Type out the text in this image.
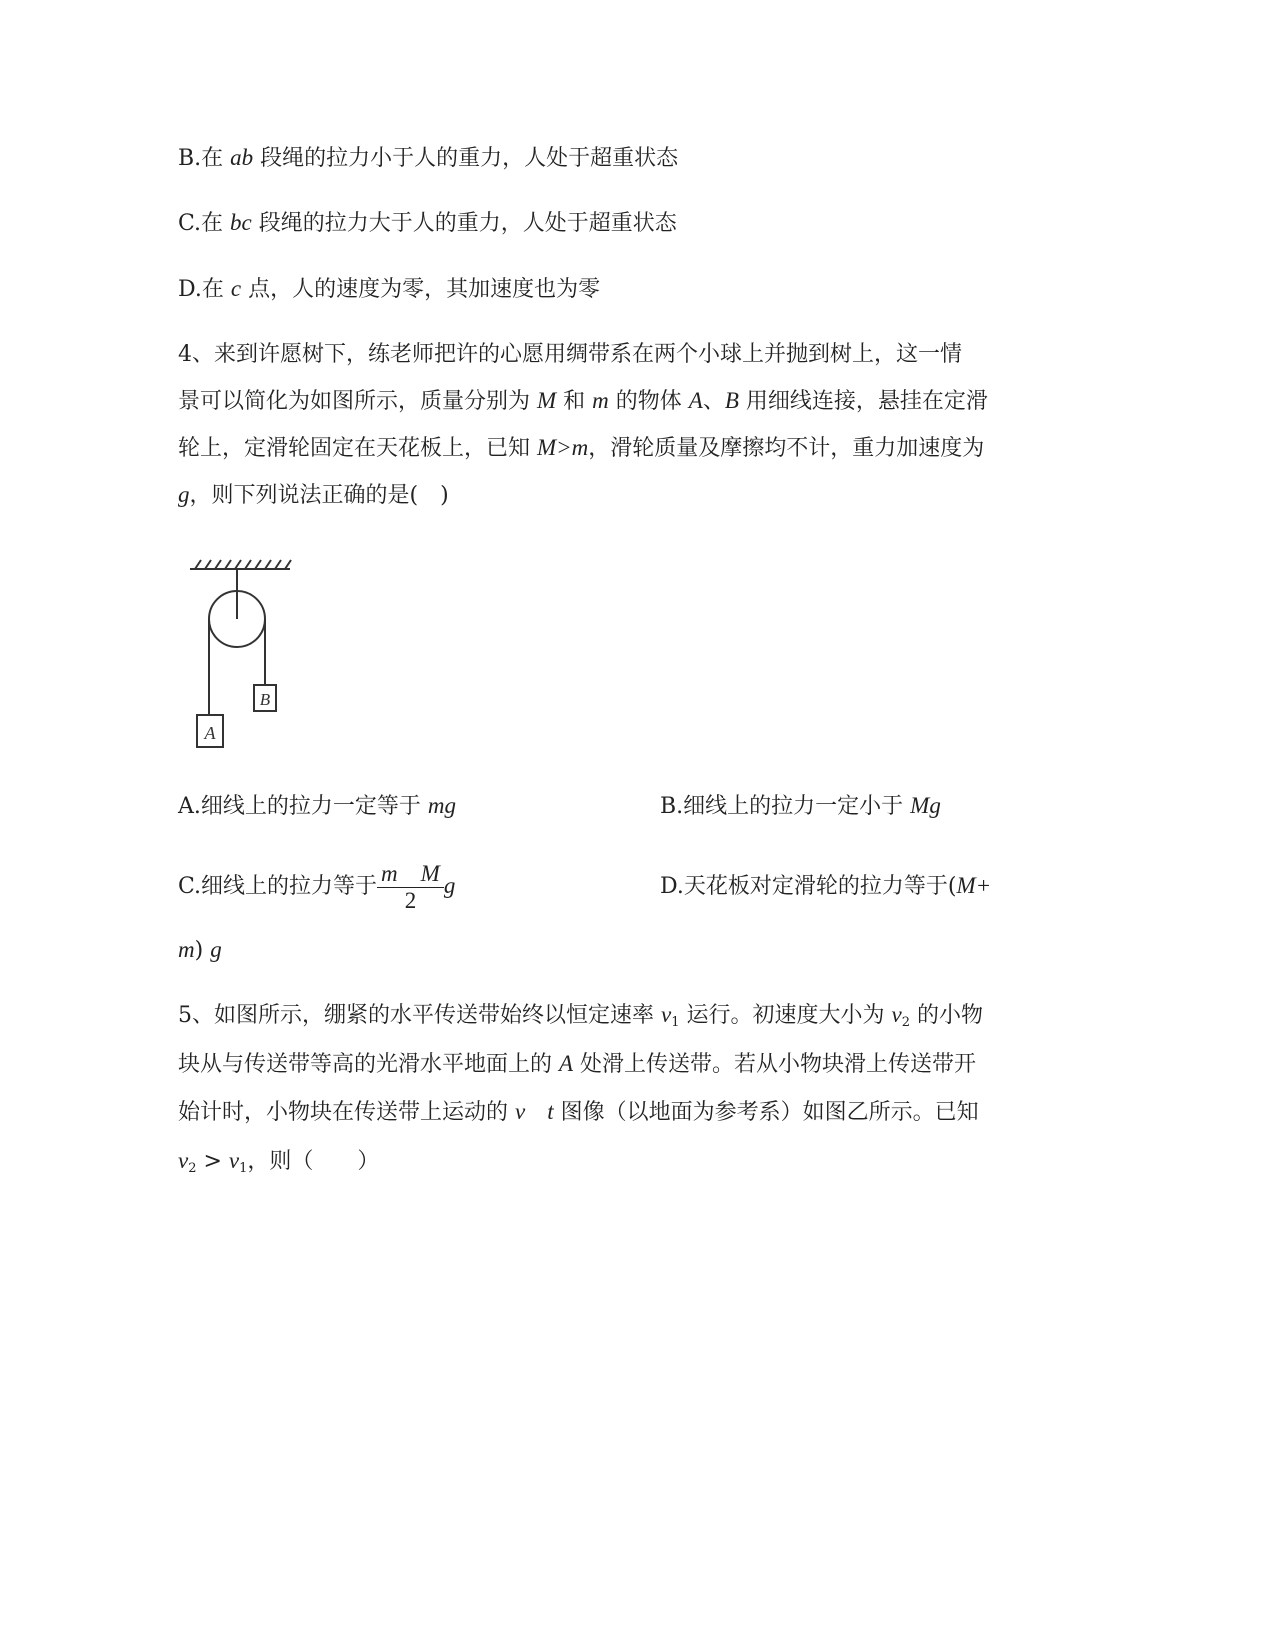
B.在 ab 段绳的拉力小于人的重力，人处于超重状态
C.在 bc 段绳的拉力大于人的重力，人处于超重状态
D.在 c 点，人的速度为零，其加速度也为零
4、来到许愿树下，练老师把许的心愿用绸带系在两个小球上并抛到树上，这一情
景可以简化为如图所示，质量分别为 M 和 m 的物体 A、B 用细线连接，悬挂在定滑
轮上，定滑轮固定在天花板上，已知 M>m，滑轮质量及摩擦均不计，重力加速度为
g，则下列说法正确的是(　)
A
B
A.细线上的拉力一定等于 mg	B.细线上的拉力一定小于 Mg
C.细线上的拉力等于 $\frac{\text{m　M}}{2}$ g	D.天花板对定滑轮的拉力等于(M+
m) g
5、如图所示，绷紧的水平传送带始终以恒定速率 $v_1$ 运行。初速度大小为 $v_2$ 的小物
块从与传送带等高的光滑水平地面上的 A 处滑上传送带。若从小物块滑上传送带开
始计时，小物块在传送带上运动的 v　 t 图像（以地面为参考系）如图乙所示。已知
$v_2 > v_1$，则（　　）
